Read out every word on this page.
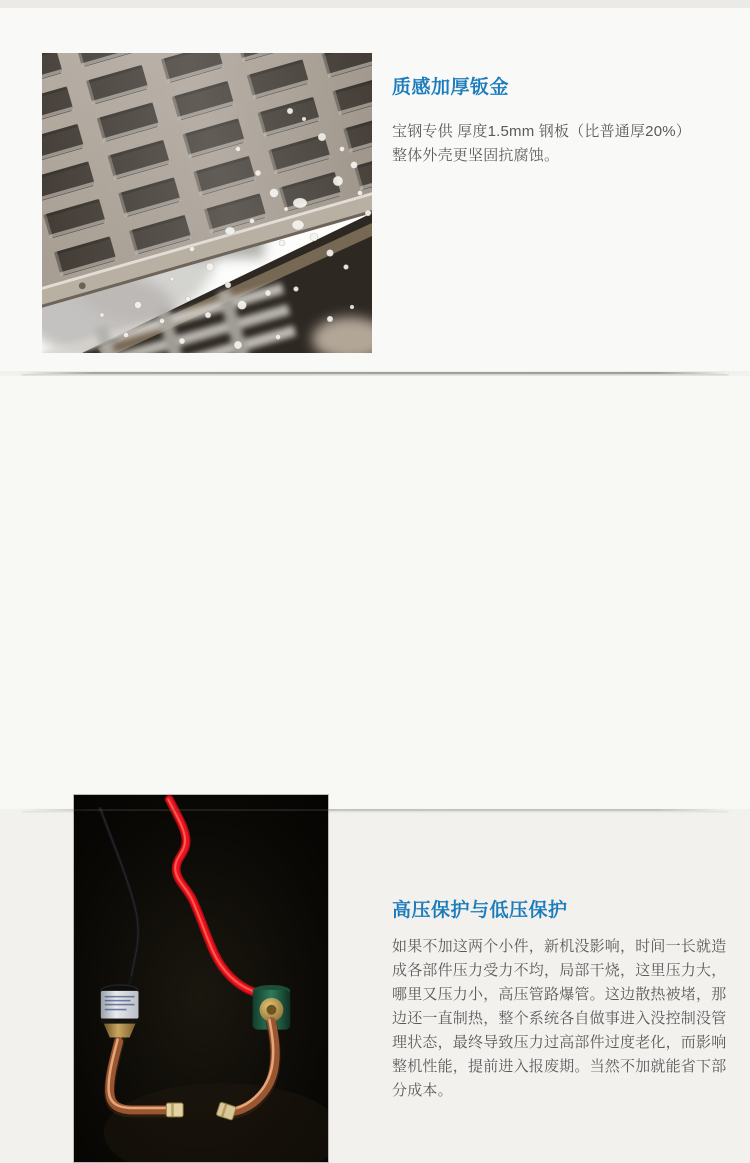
质感加厚钣金

宝钢专供 厚度1.5mm 钢板（比普通厚20%）

整体外壳更坚固抗腐蚀。

高压保护与低压保护

如果不加这两个小件，新机没影响，时间一长就造成各部件压力受力不均，局部干烧，这里压力大，哪里又压力小，高压管路爆管。这边散热被堵，那边还一直制热，整个系统各自做事进入没控制没管理状态，最终导致压力过高部件过度老化，而影响整机性能，提前进入报废期。当然不加就能省下部分成本。
